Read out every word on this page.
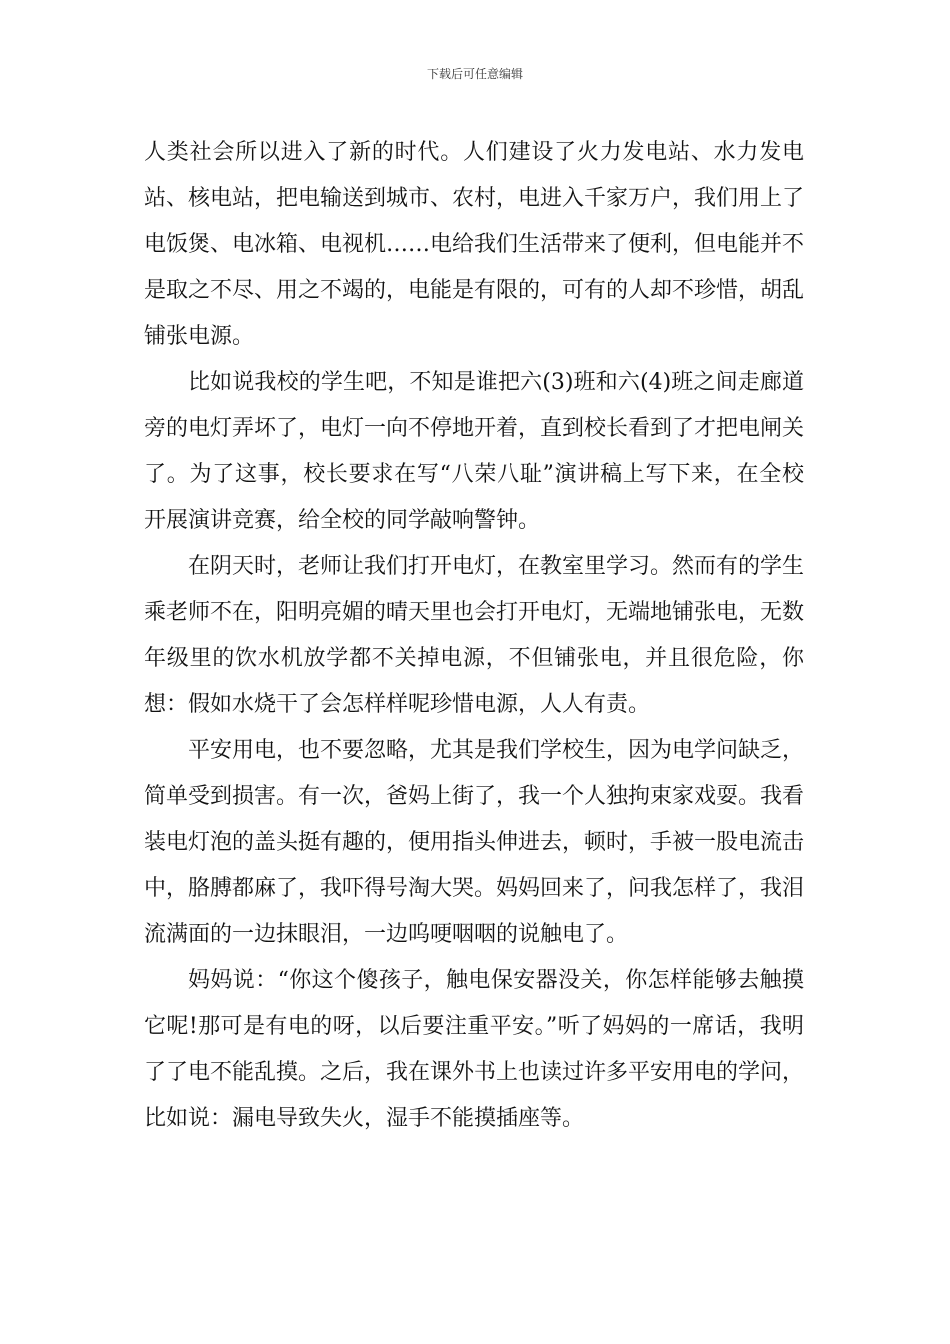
下载后可任意编辑

人类社会所以进入了新的时代。人们建设了火力发电站、水力发电站、核电站，把电输送到城市、农村，电进入千家万户，我们用上了电饭煲、电冰箱、电视机……电给我们生活带来了便利，但电能并不是取之不尽、用之不竭的，电能是有限的，可有的人却不珍惜，胡乱铺张电源。

比如说我校的学生吧，不知是谁把六(3)班和六(4)班之间走廊道旁的电灯弄坏了，电灯一向不停地开着，直到校长看到了才把电闸关了。为了这事，校长要求在写“八荣八耻”演讲稿上写下来，在全校开展演讲竞赛，给全校的同学敲响警钟。

在阴天时，老师让我们打开电灯，在教室里学习。然而有的学生乘老师不在，阳明亮媚的晴天里也会打开电灯，无端地铺张电，无数年级里的饮水机放学都不关掉电源，不但铺张电，并且很危险，你想：假如水烧干了会怎样样呢珍惜电源，人人有责。

平安用电，也不要忽略，尤其是我们学校生，因为电学问缺乏，简单受到损害。有一次，爸妈上街了，我一个人独拘束家戏耍。我看装电灯泡的盖头挺有趣的，便用指头伸进去，顿时，手被一股电流击中，胳膊都麻了，我吓得号淘大哭。妈妈回来了，问我怎样了，我泪流满面的一边抹眼泪，一边呜哽咽咽的说触电了。

妈妈说：“你这个傻孩子，触电保安器没关，你怎样能够去触摸它呢!那可是有电的呀，以后要注重平安。”听了妈妈的一席话，我明了了电不能乱摸。之后，我在课外书上也读过许多平安用电的学问，比如说：漏电导致失火，湿手不能摸插座等。
